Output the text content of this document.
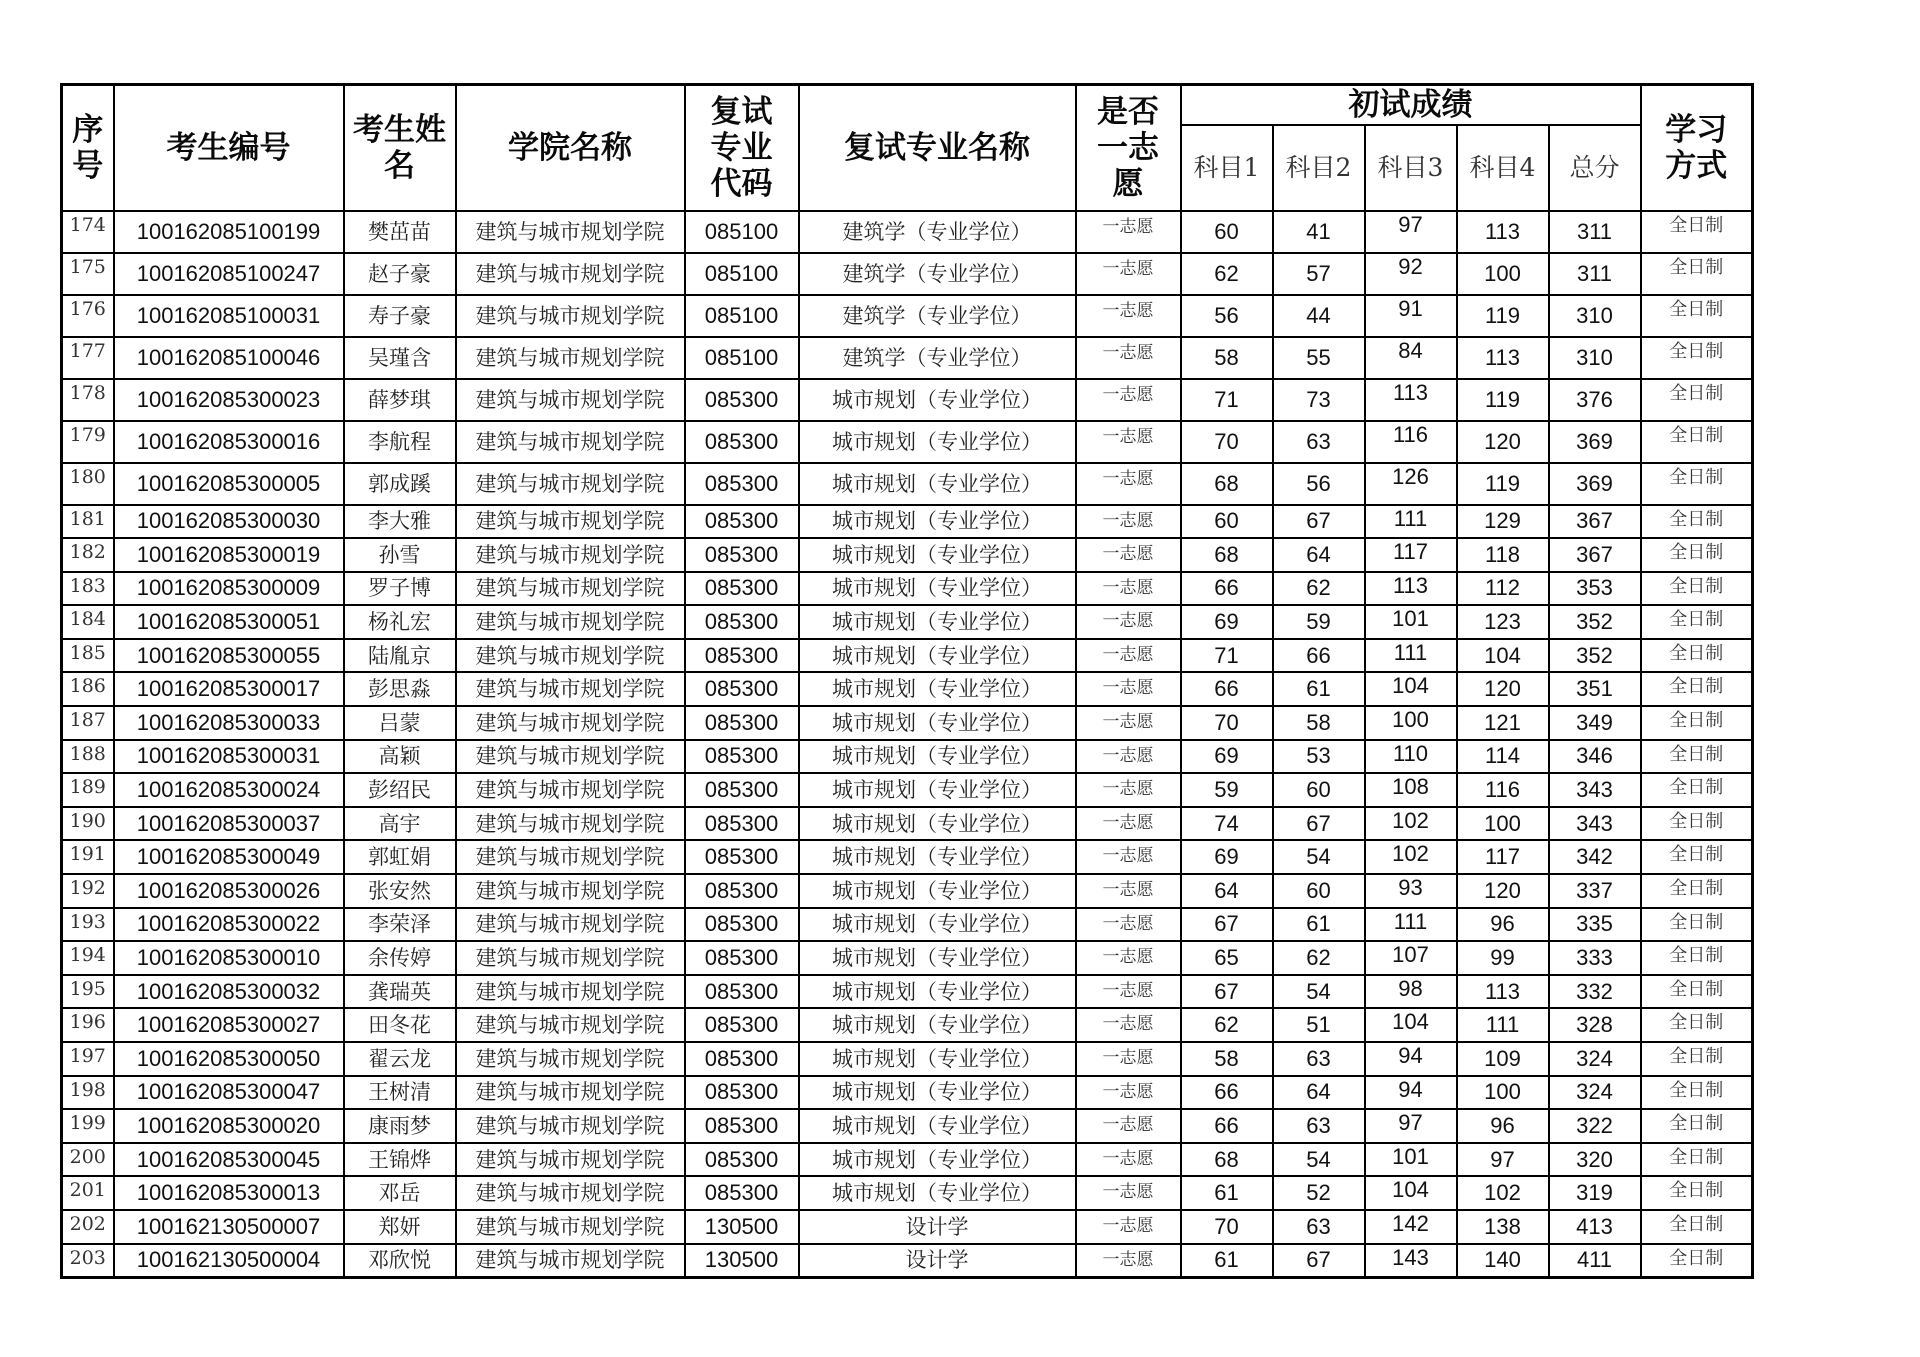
序号	考生编号	考生姓名	学院名称	复试专业代码	复试专业名称	是否一志愿	初试成绩					学习方式
							科目1	科目2	科目3	科目4	总分	
174	100162085100199	樊茁苗	建筑与城市规划学院	085100	建筑学（专业学位）	一志愿	60	41	97	113	311	全日制
175	100162085100247	赵子豪	建筑与城市规划学院	085100	建筑学（专业学位）	一志愿	62	57	92	100	311	全日制
176	100162085100031	寿子豪	建筑与城市规划学院	085100	建筑学（专业学位）	一志愿	56	44	91	119	310	全日制
177	100162085100046	吴瑾含	建筑与城市规划学院	085100	建筑学（专业学位）	一志愿	58	55	84	113	310	全日制
178	100162085300023	薛梦琪	建筑与城市规划学院	085300	城市规划（专业学位）	一志愿	71	73	113	119	376	全日制
179	100162085300016	李航程	建筑与城市规划学院	085300	城市规划（专业学位）	一志愿	70	63	116	120	369	全日制
180	100162085300005	郭成蹊	建筑与城市规划学院	085300	城市规划（专业学位）	一志愿	68	56	126	119	369	全日制
181	100162085300030	李大雅	建筑与城市规划学院	085300	城市规划（专业学位）	一志愿	60	67	111	129	367	全日制
182	100162085300019	孙雪	建筑与城市规划学院	085300	城市规划（专业学位）	一志愿	68	64	117	118	367	全日制
183	100162085300009	罗子博	建筑与城市规划学院	085300	城市规划（专业学位）	一志愿	66	62	113	112	353	全日制
184	100162085300051	杨礼宏	建筑与城市规划学院	085300	城市规划（专业学位）	一志愿	69	59	101	123	352	全日制
185	100162085300055	陆胤京	建筑与城市规划学院	085300	城市规划（专业学位）	一志愿	71	66	111	104	352	全日制
186	100162085300017	彭思淼	建筑与城市规划学院	085300	城市规划（专业学位）	一志愿	66	61	104	120	351	全日制
187	100162085300033	吕蒙	建筑与城市规划学院	085300	城市规划（专业学位）	一志愿	70	58	100	121	349	全日制
188	100162085300031	高颖	建筑与城市规划学院	085300	城市规划（专业学位）	一志愿	69	53	110	114	346	全日制
189	100162085300024	彭绍民	建筑与城市规划学院	085300	城市规划（专业学位）	一志愿	59	60	108	116	343	全日制
190	100162085300037	高宇	建筑与城市规划学院	085300	城市规划（专业学位）	一志愿	74	67	102	100	343	全日制
191	100162085300049	郭虹娟	建筑与城市规划学院	085300	城市规划（专业学位）	一志愿	69	54	102	117	342	全日制
192	100162085300026	张安然	建筑与城市规划学院	085300	城市规划（专业学位）	一志愿	64	60	93	120	337	全日制
193	100162085300022	李荣泽	建筑与城市规划学院	085300	城市规划（专业学位）	一志愿	67	61	111	96	335	全日制
194	100162085300010	余传婷	建筑与城市规划学院	085300	城市规划（专业学位）	一志愿	65	62	107	99	333	全日制
195	100162085300032	龚瑞英	建筑与城市规划学院	085300	城市规划（专业学位）	一志愿	67	54	98	113	332	全日制
196	100162085300027	田冬花	建筑与城市规划学院	085300	城市规划（专业学位）	一志愿	62	51	104	111	328	全日制
197	100162085300050	翟云龙	建筑与城市规划学院	085300	城市规划（专业学位）	一志愿	58	63	94	109	324	全日制
198	100162085300047	王树清	建筑与城市规划学院	085300	城市规划（专业学位）	一志愿	66	64	94	100	324	全日制
199	100162085300020	康雨梦	建筑与城市规划学院	085300	城市规划（专业学位）	一志愿	66	63	97	96	322	全日制
200	100162085300045	王锦烨	建筑与城市规划学院	085300	城市规划（专业学位）	一志愿	68	54	101	97	320	全日制
201	100162085300013	邓岳	建筑与城市规划学院	085300	城市规划（专业学位）	一志愿	61	52	104	102	319	全日制
202	100162130500007	郑妍	建筑与城市规划学院	130500	设计学	一志愿	70	63	142	138	413	全日制
203	100162130500004	邓欣悦	建筑与城市规划学院	130500	设计学	一志愿	61	67	143	140	411	全日制
